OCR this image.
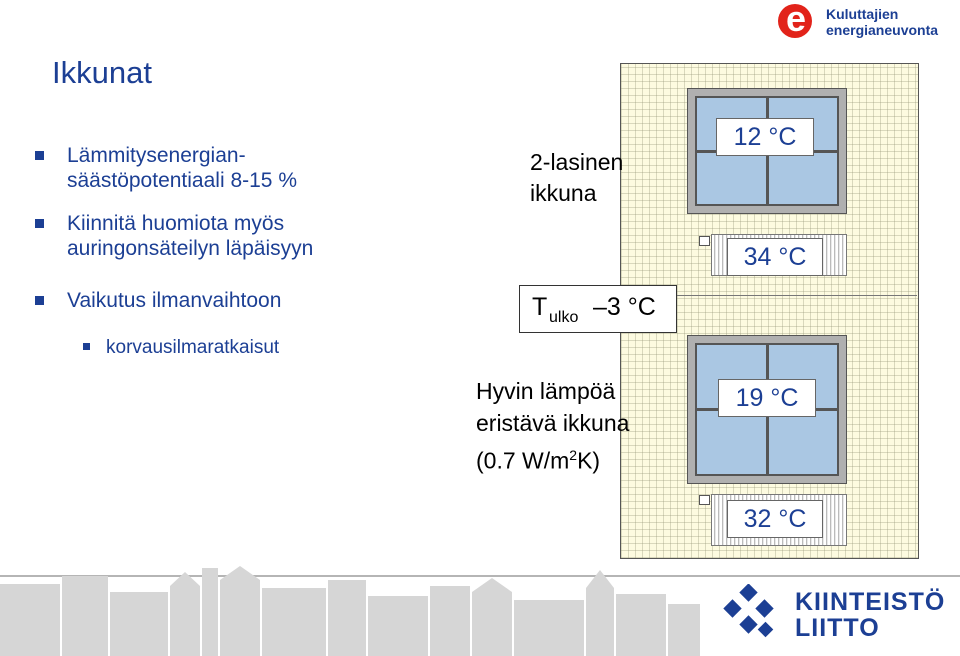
e Kuluttajien
energianeuvonta
Ikkunat
Lämmitysenergian-
säästöpotentiaali 8-15 %
Kiinnitä huomiota myös
auringonsäteilyn läpäisyyn
Vaikutus ilmanvaihtoon
korvausilmaratkaisut
12 °C
34 °C
19 °C
32 °C
2-lasinen
ikkuna
T ulko –3 °C
Hyvin lämpöä
eristävä ikkuna
(0.7 $W/m^2K$)
KIINTEISTÖ
LIITTO
